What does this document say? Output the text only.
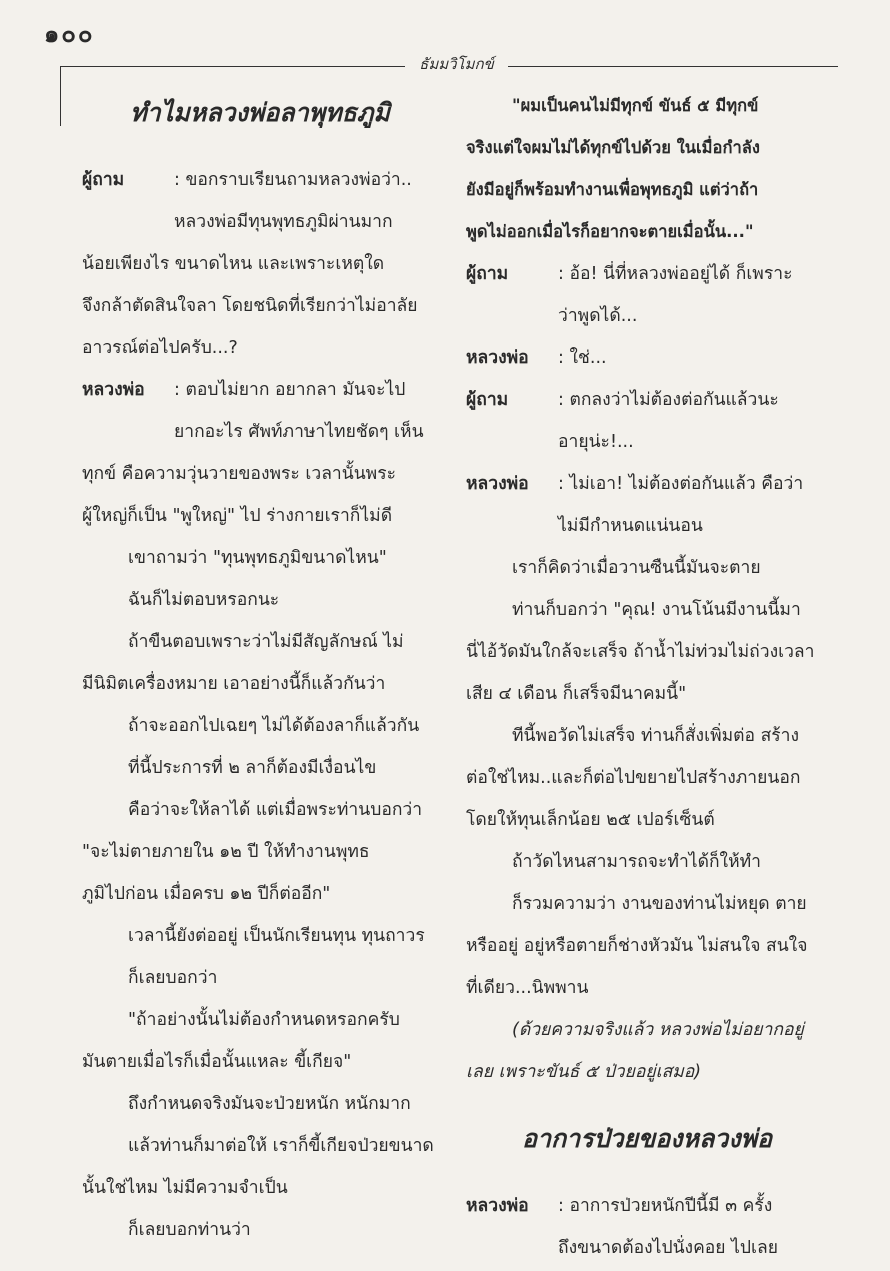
๑๐๐
ธัมมวิโมกข์
ทำไมหลวงพ่อลาพุทธภูมิ
ผู้ถาม	: ขอกราบเรียนถามหลวงพ่อว่า..
หลวงพ่อมีทุนพุทธภูมิผ่านมาก
น้อยเพียงไร ขนาดไหน และเพราะเหตุใด
จึงกล้าตัดสินใจลา โดยชนิดที่เรียกว่าไม่อาลัย
อาวรณ์ต่อไปครับ...?
หลวงพ่อ : ตอบไม่ยาก อยากลา มันจะไป
ยากอะไร ศัพท์ภาษาไทยชัดๆ เห็น
ทุกข์ คือความวุ่นวายของพระ เวลานั้นพระ
ผู้ใหญ่ก็เป็น "พูใหญ่" ไป ร่างกายเราก็ไม่ดี
เขาถามว่า "ทุนพุทธภูมิขนาดไหน"
ฉันก็ไม่ตอบหรอกนะ
ถ้าขืนตอบเพราะว่าไม่มีสัญลักษณ์ ไม่
มีนิมิตเครื่องหมาย เอาอย่างนี้ก็แล้วกันว่า
ถ้าจะออกไปเฉยๆ ไม่ได้ต้องลาก็แล้วกัน
ที่นี้ประการที่ ๒ ลาก็ต้องมีเงื่อนไข
คือว่าจะให้ลาได้ แต่เมื่อพระท่านบอกว่า
"จะไม่ตายภายใน ๑๒ ปี ให้ทำงานพุทธ
ภูมิไปก่อน เมื่อครบ ๑๒ ปีก็ต่ออีก"
เวลานี้ยังต่ออยู่ เป็นนักเรียนทุน ทุนถาวร
ก็เลยบอกว่า
"ถ้าอย่างนั้นไม่ต้องกำหนดหรอกครับ
มันตายเมื่อไรก็เมื่อนั้นแหละ ขี้เกียจ"
ถึงกำหนดจริงมันจะป่วยหนัก หนักมาก
แล้วท่านก็มาต่อให้ เราก็ขี้เกียจป่วยขนาด
นั้นใช่ไหม ไม่มีความจำเป็น
ก็เลยบอกท่านว่า
"ผมเป็นคนไม่มีทุกข์ ขันธ์ ๕ มีทุกข์
จริงแต่ใจผมไม่ได้ทุกข์ไปด้วย ในเมื่อกำลัง
ยังมีอยู่ก็พร้อมทำงานเพื่อพุทธภูมิ แต่ว่าถ้า
พูดไม่ออกเมื่อไรก็อยากจะตายเมื่อนั้น..."
ผู้ถาม	: อ้อ! นี่ที่หลวงพ่ออยู่ได้ ก็เพราะ
ว่าพูดได้...
หลวงพ่อ : ใช่...
ผู้ถาม	: ตกลงว่าไม่ต้องต่อกันแล้วนะ
อายุน่ะ!...
หลวงพ่อ : ไม่เอา! ไม่ต้องต่อกันแล้ว คือว่า
ไม่มีกำหนดแน่นอน
เราก็คิดว่าเมื่อวานซืนนี้มันจะตาย
ท่านก็บอกว่า "คุณ! งานโน้นมีงานนี้มา
นี่ไอ้วัดมันใกล้จะเสร็จ ถ้าน้ำไม่ท่วมไม่ถ่วงเวลา
เสีย ๔ เดือน ก็เสร็จมีนาคมนี้"
ทีนี้พอวัดไม่เสร็จ ท่านก็สั่งเพิ่มต่อ สร้าง
ต่อใช่ไหม..และก็ต่อไปขยายไปสร้างภายนอก
โดยให้ทุนเล็กน้อย ๒๕ เปอร์เซ็นต์
ถ้าวัดไหนสามารถจะทำได้ก็ให้ทำ
ก็รวมความว่า งานของท่านไม่หยุด ตาย
หรืออยู่ อยู่หรือตายก็ช่างหัวมัน ไม่สนใจ สนใจ
ที่เดียว...นิพพาน
(ด้วยความจริงแล้ว หลวงพ่อไม่อยากอยู่
เลย เพราะขันธ์ ๕ ป่วยอยู่เสมอ)
อาการป่วยของหลวงพ่อ
หลวงพ่อ : อาการป่วยหนักปีนี้มี ๓ ครั้ง
ถึงขนาดต้องไปนั่งคอย ไปเลย
